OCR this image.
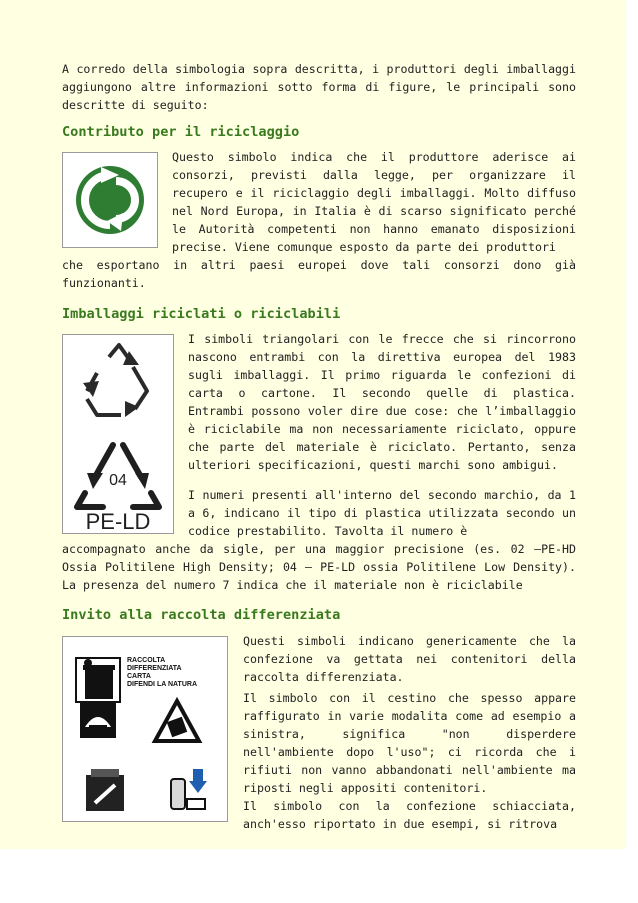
A corredo della simbologia sopra descritta, i produttori degli imballaggi aggiungono altre informazioni sotto forma di figure, le principali sono descritte di seguito:

Contributo per il riciclaggio

Questo simbolo indica che il produttore aderisce ai consorzi, previsti dalla legge, per organizzare il recupero e il riciclaggio degli imballaggi. Molto diffuso nel Nord Europa, in Italia è di scarso significato perché le Autorità competenti non hanno emanato disposizioni precise. Viene comunque esposto da parte dei produttori

che esportano in altri paesi europei dove tali consorzi dono già funzionanti.

Imballaggi riciclati o riciclabili
04
PE-LD

I simboli triangolari con le frecce che si rincorrono nascono entrambi con la direttiva europea del 1983 sugli imballaggi. Il primo riguarda le confezioni di carta o cartone. Il secondo quelle di plastica. Entrambi possono voler dire due cose: che l’imballaggio è riciclabile ma non necessariamente riciclato, oppure che parte del materiale è riciclato. Pertanto, senza ulteriori specificazioni, questi marchi sono ambigui.

I numeri presenti all'interno del secondo marchio, da 1 a 6, indicano il tipo di plastica utilizzata secondo un codice prestabilito. Tavolta il numero è

accompagnato anche da sigle, per una maggior precisione (es. 02 –PE-HD Ossia Politilene High Density; 04 – PE-LD ossia Politilene Low Density). La presenza del numero 7 indica che il materiale non è riciclabile

Invito alla raccolta differenziata
RACCOLTA
DIFFERENZIATA
CARTA
DIFENDI LA NATURA

Questi simboli indicano genericamente che la confezione va gettata nei contenitori della raccolta differenziata.

Il simbolo con il cestino che spesso appare raffigurato in varie modalita come ad esempio a sinistra, significa "non disperdere nell'ambiente dopo l'uso"; ci ricorda che i rifiuti non vanno abbandonati nell'ambiente ma riposti negli appositi contenitori.

Il simbolo con la confezione schiacciata, anch'esso riportato in due esempi, si ritrova
